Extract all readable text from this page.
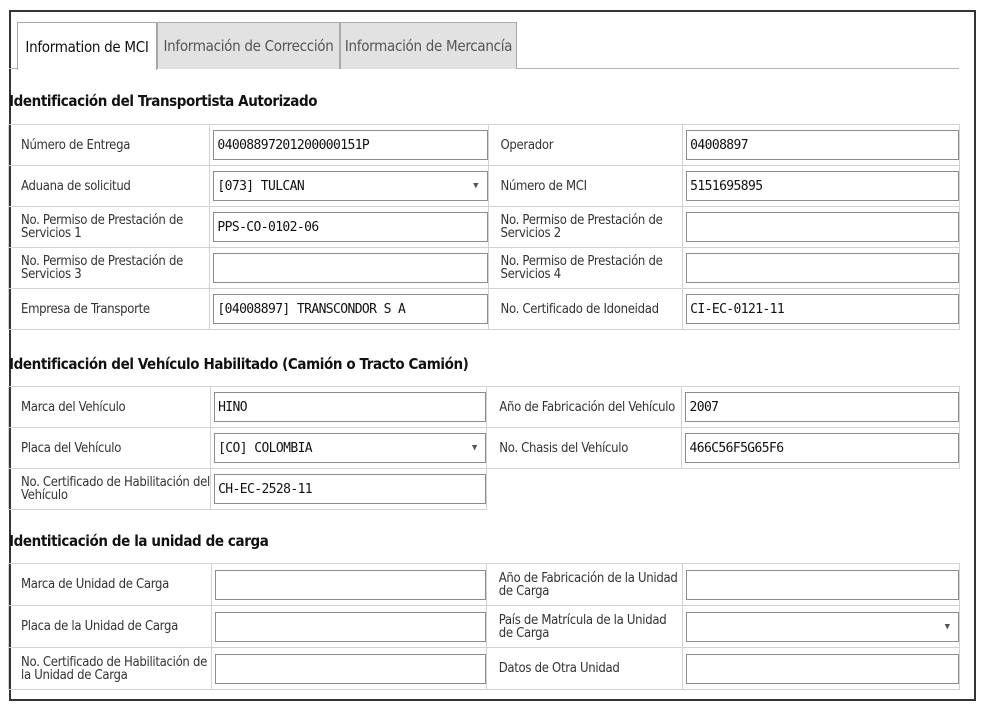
Information de MCI Información de Corrección Información de Mercancía
Identificación del Transportista Autorizado
Número de Entrega	04008897201200000151P	Operador	04008897

Aduana de solicitud	[073] TULCAN ▼	Número de MCI	5151695895

No. Permiso de Prestación de Servicios 1	PPS-CO-0102-06	No. Permiso de Prestación de Servicios 2	

No. Permiso de Prestación de Servicios 3		No. Permiso de Prestación de Servicios 4	

Empresa de Transporte	[04008897] TRANSCONDOR S A	No. Certificado de Idoneidad	CI-EC-0121-11
Identificación del Vehículo Habilitado (Camión o Tracto Camión)
Marca del Vehículo	HINO	Año de Fabricación del Vehículo	2007

Placa del Vehículo	[CO] COLOMBIA ▼	No. Chasis del Vehículo	466C56F5G65F6

No. Certificado de Habilitación del Vehículo	CH-EC-2528-11		

Identiticación de la unidad de carga
Marca de Unidad de Carga		Año de Fabricación de la Unidad de Carga	

Placa de la Unidad de Carga		País de Matrícula de la Unidad de Carga	▼

No. Certificado de Habilitación de la Unidad de Carga		Datos de Otra Unidad	
